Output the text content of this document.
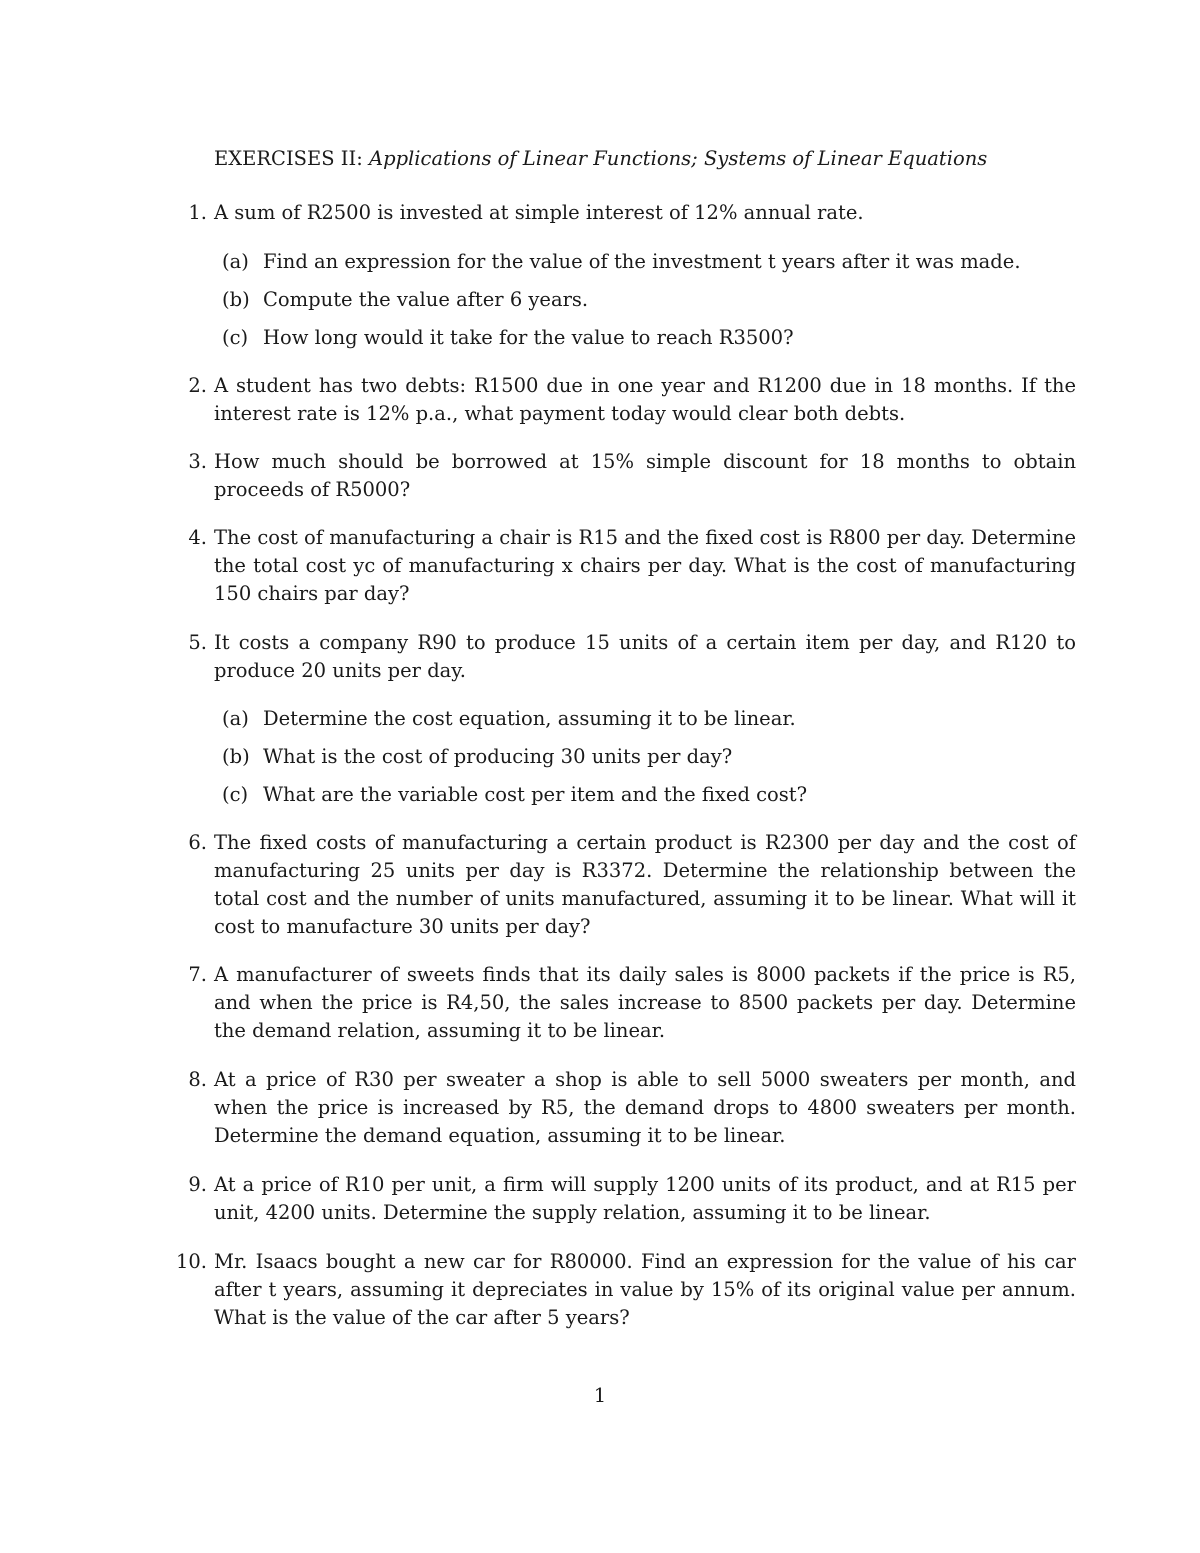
EXERCISES II: Applications of Linear Functions; Systems of Linear Equations
1. A sum of R2500 is invested at simple interest of 12% annual rate.
(a) Find an expression for the value of the investment t years after it was made.
(b) Compute the value after 6 years.
(c) How long would it take for the value to reach R3500?
2. A student has two debts: R1500 due in one year and R1200 due in 18 months. If the interest rate is 12% p.a., what payment today would clear both debts.
3. How much should be borrowed at 15% simple discount for 18 months to obtain proceeds of R5000?
4. The cost of manufacturing a chair is R15 and the fixed cost is R800 per day. Determine the total cost yc of manufacturing x chairs per day. What is the cost of manufacturing 150 chairs par day?
5. It costs a company R90 to produce 15 units of a certain item per day, and R120 to produce 20 units per day.
(a) Determine the cost equation, assuming it to be linear.
(b) What is the cost of producing 30 units per day?
(c) What are the variable cost per item and the fixed cost?
6. The fixed costs of manufacturing a certain product is R2300 per day and the cost of manufacturing 25 units per day is R3372. Determine the relationship between the total cost and the number of units manufactured, assuming it to be linear. What will it cost to manufacture 30 units per day?
7. A manufacturer of sweets finds that its daily sales is 8000 packets if the price is R5, and when the price is R4,50, the sales increase to 8500 packets per day. Determine the demand relation, assuming it to be linear.
8. At a price of R30 per sweater a shop is able to sell 5000 sweaters per month, and when the price is increased by R5, the demand drops to 4800 sweaters per month. Determine the demand equation, assuming it to be linear.
9. At a price of R10 per unit, a firm will supply 1200 units of its product, and at R15 per unit, 4200 units. Determine the supply relation, assuming it to be linear.
10. Mr. Isaacs bought a new car for R80000. Find an expression for the value of his car after t years, assuming it depreciates in value by 15% of its original value per annum. What is the value of the car after 5 years?
1
